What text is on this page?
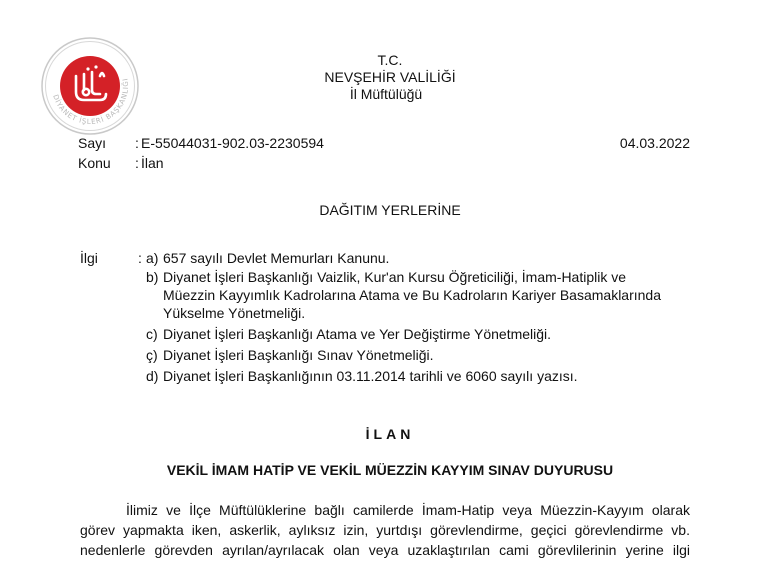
DİYANET İŞLERİ BAŞKANLIĞI
T.C.
NEVŞEHİR VALİLİĞİ
İl Müftülüğü
Sayı : E-55044031-902.03-2230594
Konu : İlan
04.03.2022
DAĞITIM YERLERİNE
İlgi	: a) 657 sayılı Devlet Memurları Kanunu.
b) Diyanet İşleri Başkanlığı Vaizlik, Kur'an Kursu Öğreticiliği, İmam-Hatiplik ve
Müezzin Kayyımlık Kadrolarına Atama ve Bu Kadroların Kariyer Basamaklarında
Yükselme Yönetmeliği.
c) Diyanet İşleri Başkanlığı Atama ve Yer Değiştirme Yönetmeliği.
ç) Diyanet İşleri Başkanlığı Sınav Yönetmeliği.
d) Diyanet İşleri Başkanlığının 03.11.2014 tarihli ve 6060 sayılı yazısı.
İLAN
VEKİL İMAM HATİP VE VEKİL MÜEZZİN KAYYIM SINAV DUYURUSU
İlimiz ve İlçe Müftülüklerine bağlı camilerde İmam-Hatip veya Müezzin-Kayyım olarak
görev yapmakta iken, askerlik, aylıksız izin, yurtdışı görevlendirme, geçici görevlendirme vb.
nedenlerle görevden ayrılan/ayrılacak olan veya uzaklaştırılan cami görevlilerinin yerine ilgi
